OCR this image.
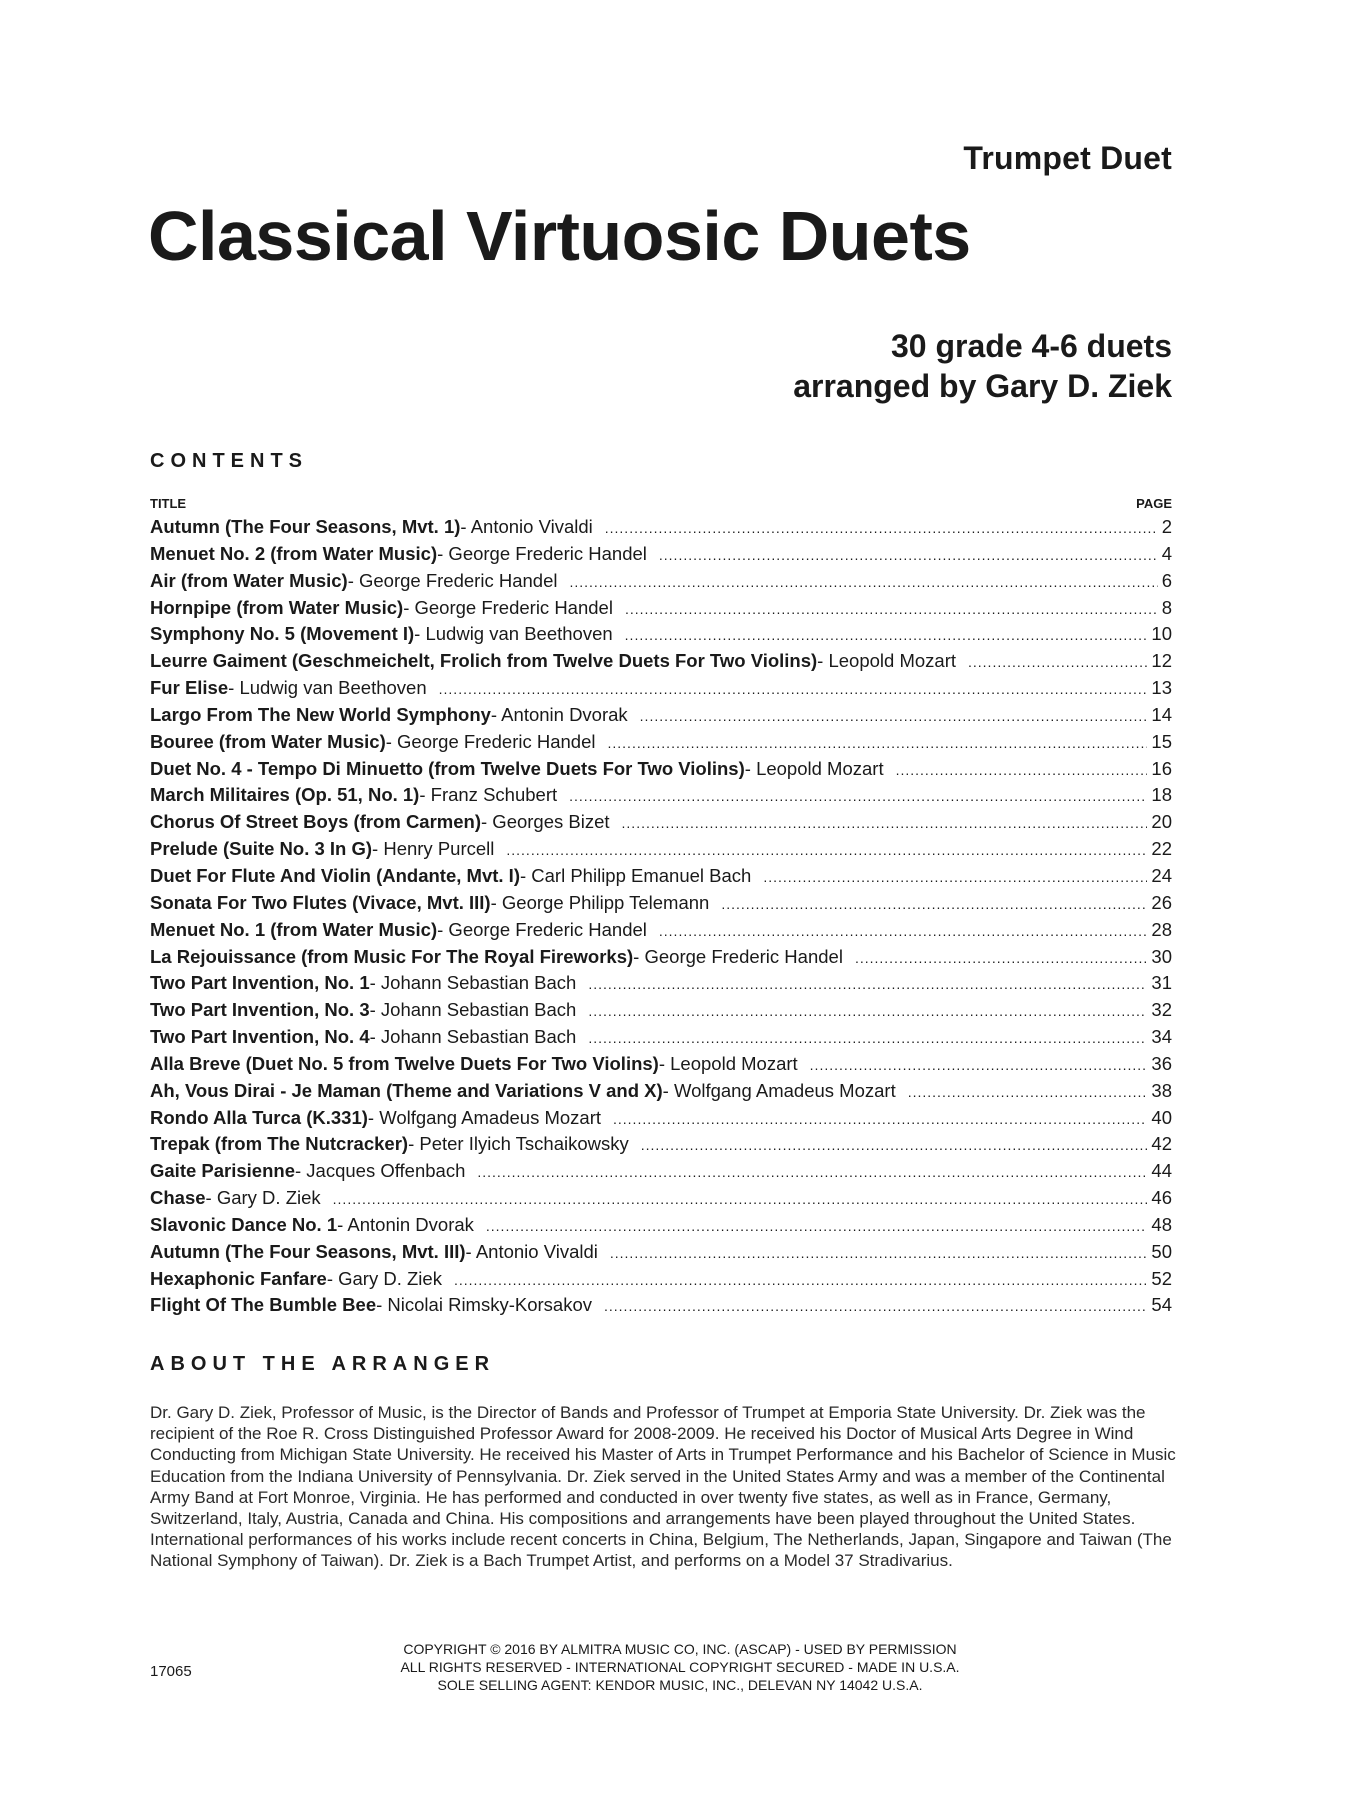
Trumpet Duet
Classical Virtuosic Duets
30 grade 4-6 duets
arranged by Gary D. Ziek
CONTENTS
TITLE	PAGE
Autumn (The Four Seasons, Mvt. 1) - Antonio Vivaldi .....	2
Menuet No. 2 (from Water Music) - George Frederic Handel .....	4
Air (from Water Music) - George Frederic Handel .....	6
Hornpipe (from Water Music) - George Frederic Handel .....	8
Symphony No. 5 (Movement I) - Ludwig van Beethoven .....	10
Leurre Gaiment (Geschmeichelt, Frolich from Twelve Duets For Two Violins) - Leopold Mozart .....	12
Fur Elise - Ludwig van Beethoven .....	13
Largo From The New World Symphony - Antonin Dvorak .....	14
Bouree (from Water Music) - George Frederic Handel .....	15
Duet No. 4 - Tempo Di Minuetto (from Twelve Duets For Two Violins) - Leopold Mozart .....	16
March Militaires (Op. 51, No. 1) - Franz Schubert .....	18
Chorus Of Street Boys (from Carmen) - Georges Bizet .....	20
Prelude (Suite No. 3 In G) - Henry Purcell .....	22
Duet For Flute And Violin (Andante, Mvt. I) - Carl Philipp Emanuel Bach .....	24
Sonata For Two Flutes (Vivace, Mvt. III) - George Philipp Telemann .....	26
Menuet No. 1 (from Water Music) - George Frederic Handel .....	28
La Rejouissance (from Music For The Royal Fireworks) - George Frederic Handel .....	30
Two Part Invention, No. 1 - Johann Sebastian Bach .....	31
Two Part Invention, No. 3 - Johann Sebastian Bach .....	32
Two Part Invention, No. 4 - Johann Sebastian Bach .....	34
Alla Breve (Duet No. 5 from Twelve Duets For Two Violins) - Leopold Mozart .....	36
Ah, Vous Dirai - Je Maman (Theme and Variations V and X) - Wolfgang Amadeus Mozart .....	38
Rondo Alla Turca (K.331) - Wolfgang Amadeus Mozart .....	40
Trepak (from The Nutcracker) - Peter Ilyich Tschaikowsky .....	42
Gaite Parisienne - Jacques Offenbach .....	44
Chase - Gary D. Ziek .....	46
Slavonic Dance No. 1 - Antonin Dvorak .....	48
Autumn (The Four Seasons, Mvt. III) - Antonio Vivaldi .....	50
Hexaphonic Fanfare - Gary D. Ziek .....	52
Flight Of The Bumble Bee - Nicolai Rimsky-Korsakov .....	54
ABOUT THE ARRANGER
Dr. Gary D. Ziek, Professor of Music, is the Director of Bands and Professor of Trumpet at Emporia State University. Dr. Ziek was the recipient of the Roe R. Cross Distinguished Professor Award for 2008-2009. He received his Doctor of Musical Arts Degree in Wind Conducting from Michigan State University. He received his Master of Arts in Trumpet Performance and his Bachelor of Science in Music Education from the Indiana University of Pennsylvania. Dr. Ziek served in the United States Army and was a member of the Continental Army Band at Fort Monroe, Virginia. He has performed and conducted in over twenty five states, as well as in France, Germany, Switzerland, Italy, Austria, Canada and China. His compositions and arrangements have been played throughout the United States. International performances of his works include recent concerts in China, Belgium, The Netherlands, Japan, Singapore and Taiwan (The National Symphony of Taiwan). Dr. Ziek is a Bach Trumpet Artist, and performs on a Model 37 Stradivarius.
17065
COPYRIGHT © 2016 BY ALMITRA MUSIC CO, INC. (ASCAP) - USED BY PERMISSION
ALL RIGHTS RESERVED - INTERNATIONAL COPYRIGHT SECURED - MADE IN U.S.A.
SOLE SELLING AGENT: KENDOR MUSIC, INC., DELEVAN NY 14042 U.S.A.
